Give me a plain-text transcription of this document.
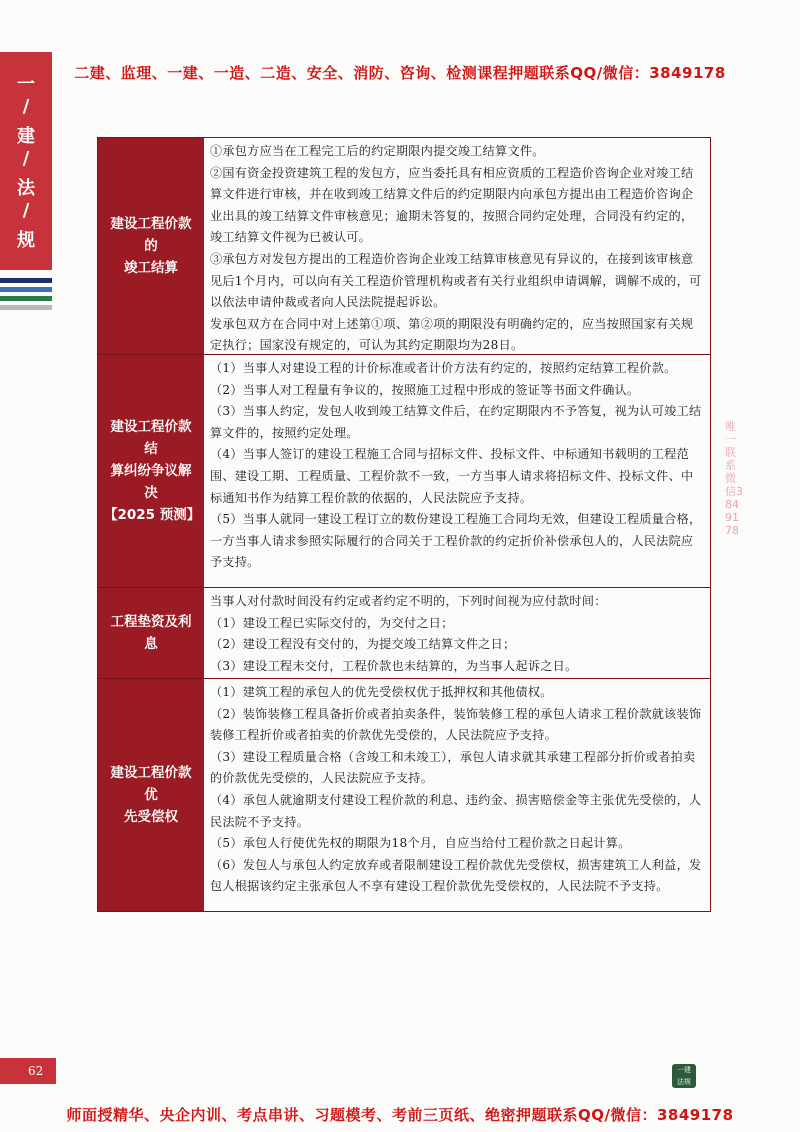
二建、监理、一建、一造、二造、安全、消防、咨询、检测课程押题联系QQ/微信：3849178
一
/
建
/
法
/
规
建设工程价款的
竣工结算

①承包方应当在工程完工后的约定期限内提交竣工结算文件。

②国有资金投资建筑工程的发包方，应当委托具有相应资质的工程造价咨询企业对竣工结算文件进行审核，并在收到竣工结算文件后的约定期限内向承包方提出由工程造价咨询企业出具的竣工结算文件审核意见；逾期未答复的，按照合同约定处理，合同没有约定的，竣工结算文件视为已被认可。

③承包方对发包方提出的工程造价咨询企业竣工结算审核意见有异议的，在接到该审核意见后1个月内，可以向有关工程造价管理机构或者有关行业组织申请调解，调解不成的，可以依法申请仲裁或者向人民法院提起诉讼。

发承包双方在合同中对上述第①项、第②项的期限没有明确约定的，应当按照国家有关规定执行；国家没有规定的，可认为其约定期限均为28日。

建设工程价款结
算纠纷争议解决
【2025 预测】

（1）当事人对建设工程的计价标准或者计价方法有约定的，按照约定结算工程价款。

（2）当事人对工程量有争议的，按照施工过程中形成的签证等书面文件确认。

（3）当事人约定，发包人收到竣工结算文件后，在约定期限内不予答复，视为认可竣工结算文件的，按照约定处理。

（4）当事人签订的建设工程施工合同与招标文件、投标文件、中标通知书载明的工程范围、建设工期、工程质量、工程价款不一致，一方当事人请求将招标文件、投标文件、中标通知书作为结算工程价款的依据的，人民法院应予支持。

（5）当事人就同一建设工程订立的数份建设工程施工合同均无效，但建设工程质量合格，一方当事人请求参照实际履行的合同关于工程价款的约定折价补偿承包人的，人民法院应予支持。

工程垫资及利息

当事人对付款时间没有约定或者约定不明的，下列时间视为应付款时间：

（1）建设工程已实际交付的，为交付之日；

（2）建设工程没有交付的，为提交竣工结算文件之日；

（3）建设工程未交付，工程价款也未结算的，为当事人起诉之日。

建设工程价款优
先受偿权

（1）建筑工程的承包人的优先受偿权优于抵押权和其他债权。

（2）装饰装修工程具备折价或者拍卖条件，装饰装修工程的承包人请求工程价款就该装饰装修工程折价或者拍卖的价款优先受偿的，人民法院应予支持。

（3）建设工程质量合格（含竣工和未竣工），承包人请求就其承建工程部分折价或者拍卖的价款优先受偿的，人民法院应予支持。

（4）承包人就逾期支付建设工程价款的利息、违约金、损害赔偿金等主张优先受偿的，人民法院不予支持。

（5）承包人行使优先权的期限为18个月，自应当给付工程价款之日起计算。

（6）发包人与承包人约定放弃或者限制建设工程价款优先受偿权，损害建筑工人利益，发包人根据该约定主张承包人不享有建设工程价款优先受偿权的，人民法院不予支持。

唯一联系微信3849178
62	一建
法规
师面授精华、央企内训、考点串讲、习题模考、考前三页纸、绝密押题联系QQ/微信：3849178
